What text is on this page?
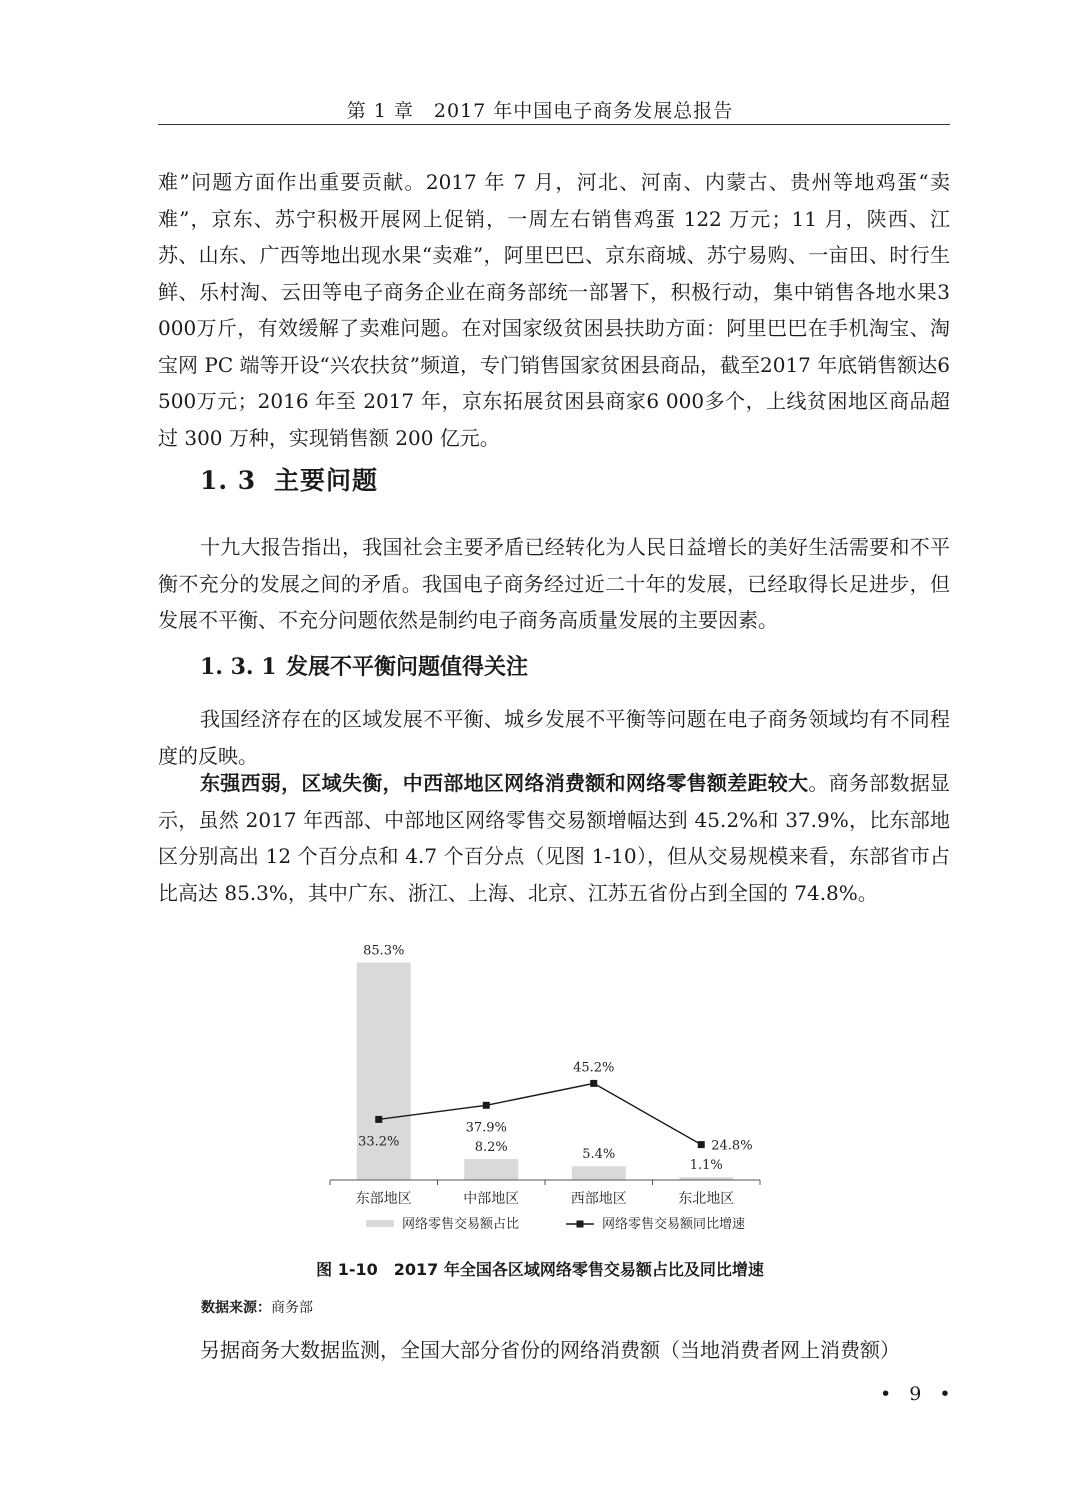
第 1 章　2017 年中国电子商务发展总报告
难”问题方面作出重要贡献。2017 年 7 月，河北、河南、内蒙古、贵州等地鸡蛋“卖难”，京东、苏宁积极开展网上促销，一周左右销售鸡蛋 122 万元；11 月，陕西、江苏、山东、广西等地出现水果“卖难”，阿里巴巴、京东商城、苏宁易购、一亩田、时行生鲜、乐村淘、云田等电子商务企业在商务部统一部署下，积极行动，集中销售各地水果3 000万斤，有效缓解了卖难问题。在对国家级贫困县扶助方面：阿里巴巴在手机淘宝、淘宝网 PC 端等开设“兴农扶贫”频道，专门销售国家贫困县商品，截至2017 年底销售额达6 500万元；2016 年至 2017 年，京东拓展贫困县商家6 000多个，上线贫困地区商品超过 300 万种，实现销售额 200 亿元。
1. 3 主要问题
十九大报告指出，我国社会主要矛盾已经转化为人民日益增长的美好生活需要和不平衡不充分的发展之间的矛盾。我国电子商务经过近二十年的发展，已经取得长足进步，但发展不平衡、不充分问题依然是制约电子商务高质量发展的主要因素。
1. 3. 1 发展不平衡问题值得关注
我国经济存在的区域发展不平衡、城乡发展不平衡等问题在电子商务领域均有不同程度的反映。
东强西弱，区域失衡，中西部地区网络消费额和网络零售额差距较大。商务部数据显示，虽然 2017 年西部、中部地区网络零售交易额增幅达到 45.2%和 37.9%，比东部地区分别高出 12 个百分点和 4.7 个百分点（见图 1-10），但从交易规模来看，东部省市占比高达 85.3%，其中广东、浙江、上海、北京、江苏五省份占到全国的 74.8%。
85.3%
8.2%	5.4%
1.1%
东部地区	中部地区	西部地区	东北地区
33.2%
37.9%
45.2%
24.8%
网络零售交易额占比	网络零售交易额同比增速
图 1-10 2017 年全国各区域网络零售交易额占比及同比增速
数据来源：商务部
另据商务大数据监测，全国大部分省份的网络消费额（当地消费者网上消费额）
• 9 •
